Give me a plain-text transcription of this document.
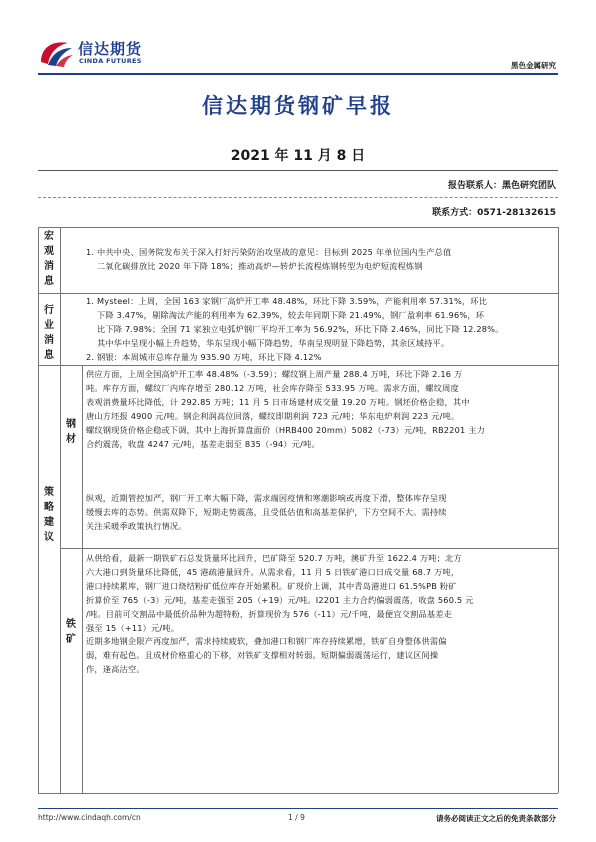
信达期货
CINDA FUTURES	黑色金属研究
信达期货钢矿早报
2021 年 11 月 8 日
报告联系人：黑色研究团队
联系方式：0571-28132615
宏
观
消
息

1. 中共中央、国务院发布关于深入打好污染防治攻坚战的意见：目标到 2025 年单位国内生产总值

二氧化碳排放比 2020 年下降 18%；推动高炉—转炉长流程炼钢转型为电炉短流程炼钢

行
业
消
息

1. Mysteel：上周，全国 163 家钢厂高炉开工率 48.48%，环比下降 3.59%，产能利用率 57.31%，环比

下降 3.47%，剔除淘汰产能的利用率为 62.39%，较去年同期下降 21.49%，钢厂盈利率 61.96%，环

比下降 7.98%；全国 71 家独立电弧炉钢厂平均开工率为 56.92%，环比下降 2.46%，同比下降 12.28%。

其中华中呈现小幅上升趋势，华东呈现小幅下降趋势，华南呈现明显下降趋势，其余区域持平。

2. 钢银：本周城市总库存量为 935.90 万吨，环比下降 4.12%

策
略
建
议
钢
材

供应方面，上周全国高炉开工率 48.48%（-3.59）；螺纹钢上周产量 288.4 万吨，环比下降 2.16 万

吨。库存方面，螺纹厂内库存增至 280.12 万吨，社会库存降至 533.95 万吨。需求方面，螺纹周度

表观消费量环比降低，计 292.85 万吨；11 月 5 日市场建材成交量 19.20 万吨。钢坯价格企稳，其中

唐山方坯报 4900 元/吨。钢企利润高位回落，螺纹即期利润 723 元/吨；华东电炉利润 223 元/吨。

螺纹钢现货价格企稳或下调，其中上海折算盘面价（HRB400 20mm）5082（-73）元/吨，RB2201 主力

合约震荡，收盘 4247 元/吨，基差走弱至 835（-94）元/吨。

纵观，近期管控加严，钢厂开工率大幅下降，需求端因疫情和寒潮影响或再度下滑，整体库存呈现

缓慢去库的态势。供需双降下，短期走势震荡，且受低估值和高基差保护，下方空间不大。需持续

关注采暖季政策执行情况。

铁
矿

从供给看，最新一期铁矿石总发货量环比回升，巴矿降至 520.7 万吨，澳矿升至 1622.4 万吨；北方

六大港口到货量环比降低，45 港疏港量回升。从需求看，11 月 5 日铁矿港口日成交量 68.7 万吨，

港口持续累库，钢厂进口烧结粉矿低位库存开始累积。矿现价上调，其中青岛港进口 61.5%PB 粉矿

折算价至 765（-3）元/吨，基差走强至 205（+19）元/吨。I2201 主力合约偏弱震荡，收盘 560.5 元

/吨。目前可交割品中最低价品种为超特粉，折算现价为 576（-11）元/千吨，最便宜交割品基差走

强至 15（+11）元/吨。

近期多地钢企限产再度加严，需求持续疲软，叠加港口和钢厂库存持续累增，铁矿自身整体供需偏

弱，难有起色。且成材价格重心的下移，对铁矿支撑相对转弱。短期偏弱震荡运行，建议区间操

作，逢高沽空。

http://www.cindaqh.com/cn	1 / 9	请务必阅读正文之后的免责条款部分
